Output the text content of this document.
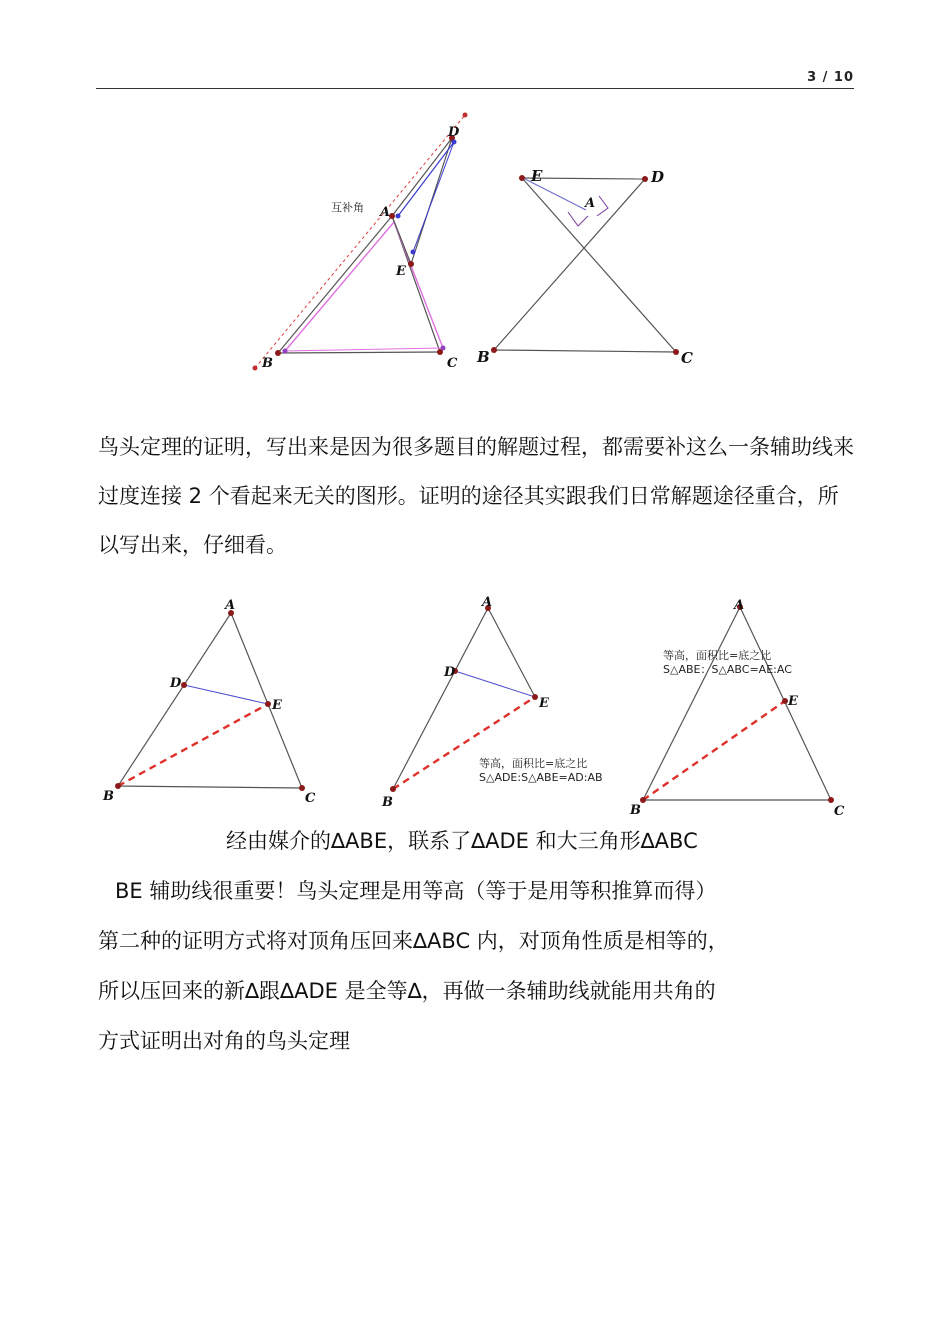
3 / 10
互补角 A
B	C
D
E
E	D
A
B	C

鸟头定理的证明，写出来是因为很多题目的解题过程，都需要补这么一条辅助线来过度连接 2 个看起来无关的图形。证明的途径其实跟我们日常解题途径重合，所以写出来，仔细看。

A
D
E
B	C
A
D
E
B
等高，面积比=底之比
S△ADE:S△ABE=AD:AB
A
E
B	C
等高，面积比=底之比
S△ABE：S△ABC=AE:AC

经由媒介的∆ABE，联系了∆ADE 和大三角形∆ABC

BE 辅助线很重要！鸟头定理是用等高（等于是用等积推算而得）

第二种的证明方式将对顶角压回来∆ABC 内，对顶角性质是相等的，

所以压回来的新∆跟∆ADE 是全等∆，再做一条辅助线就能用共角的

方式证明出对角的鸟头定理
